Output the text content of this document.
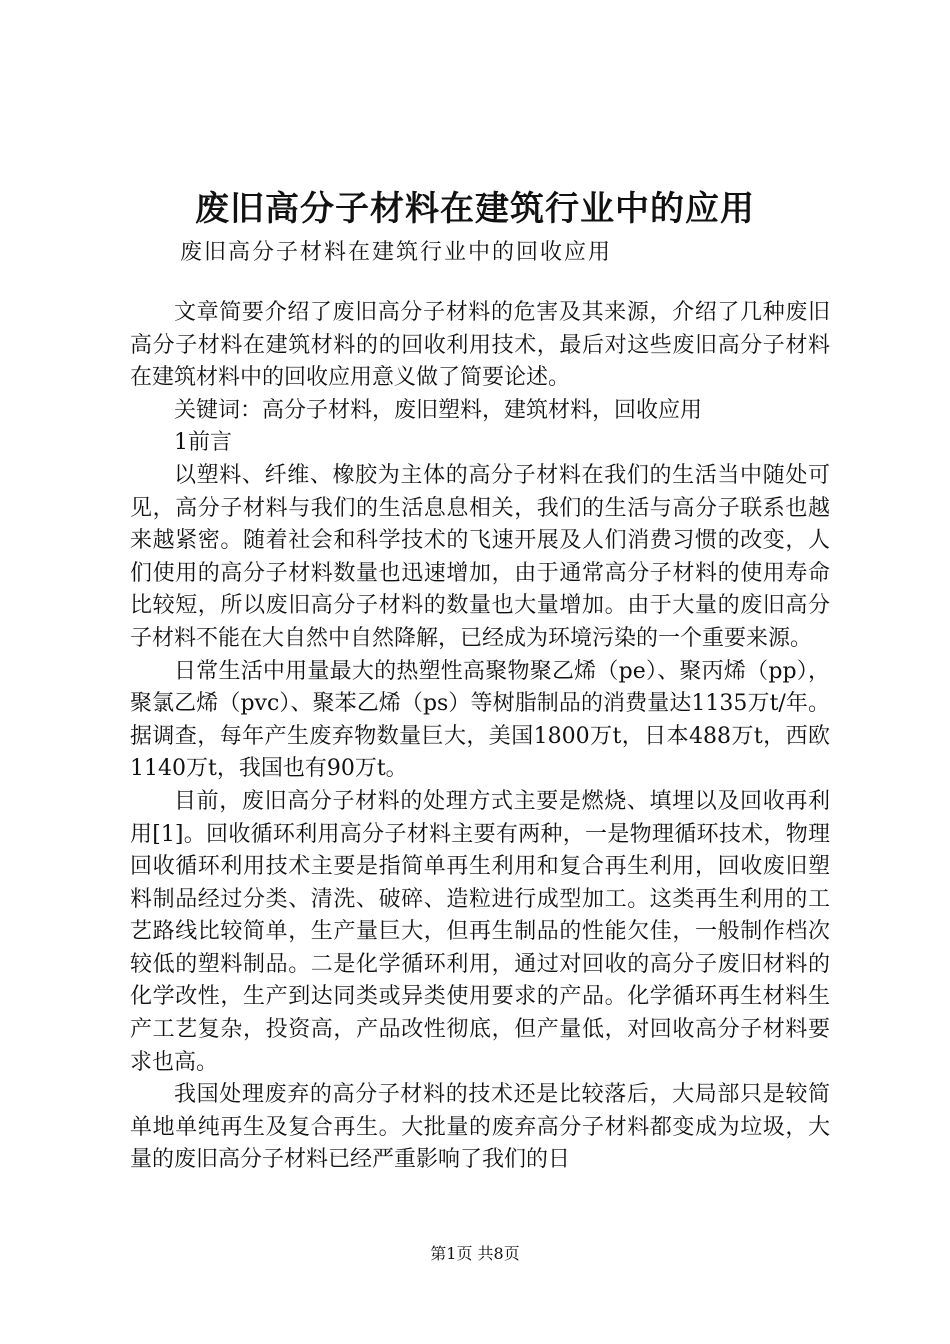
废旧高分子材料在建筑行业中的应用
废旧高分子材料在建筑行业中的回收应用

文章简要介绍了废旧高分子材料的危害及其来源，介绍了几种废旧高分子材料在建筑材料的的回收利用技术，最后对这些废旧高分子材料在建筑材料中的回收应用意义做了简要论述。

关键词：高分子材料，废旧塑料，建筑材料，回收应用

1前言

以塑料、纤维、橡胶为主体的高分子材料在我们的生活当中随处可见，高分子材料与我们的生活息息相关，我们的生活与高分子联系也越来越紧密。随着社会和科学技术的飞速开展及人们消费习惯的改变，人们使用的高分子材料数量也迅速增加，由于通常高分子材料的使用寿命比较短，所以废旧高分子材料的数量也大量增加。由于大量的废旧高分子材料不能在大自然中自然降解，已经成为环境污染的一个重要来源。

日常生活中用量最大的热塑性高聚物聚乙烯（pe）、聚丙烯（pp），聚氯乙烯（pvc）、聚苯乙烯（ps）等树脂制品的消费量达1135万t/年。据调查，每年产生废弃物数量巨大，美国1800万t，日本488万t，西欧1140万t，我国也有90万t。

目前，废旧高分子材料的处理方式主要是燃烧、填埋以及回收再利用[1]。回收循环利用高分子材料主要有两种，一是物理循环技术，物理回收循环利用技术主要是指简单再生利用和复合再生利用，回收废旧塑料制品经过分类、清洗、破碎、造粒进行成型加工。这类再生利用的工艺路线比较简单，生产量巨大，但再生制品的性能欠佳，一般制作档次较低的塑料制品。二是化学循环利用，通过对回收的高分子废旧材料的化学改性，生产到达同类或异类使用要求的产品。化学循环再生材料生产工艺复杂，投资高，产品改性彻底，但产量低，对回收高分子材料要求也高。

我国处理废弃的高分子材料的技术还是比较落后，大局部只是较简单地单纯再生及复合再生。大批量的废弃高分子材料都变成为垃圾，大量的废旧高分子材料已经严重影响了我们的日

第1页 共8页
